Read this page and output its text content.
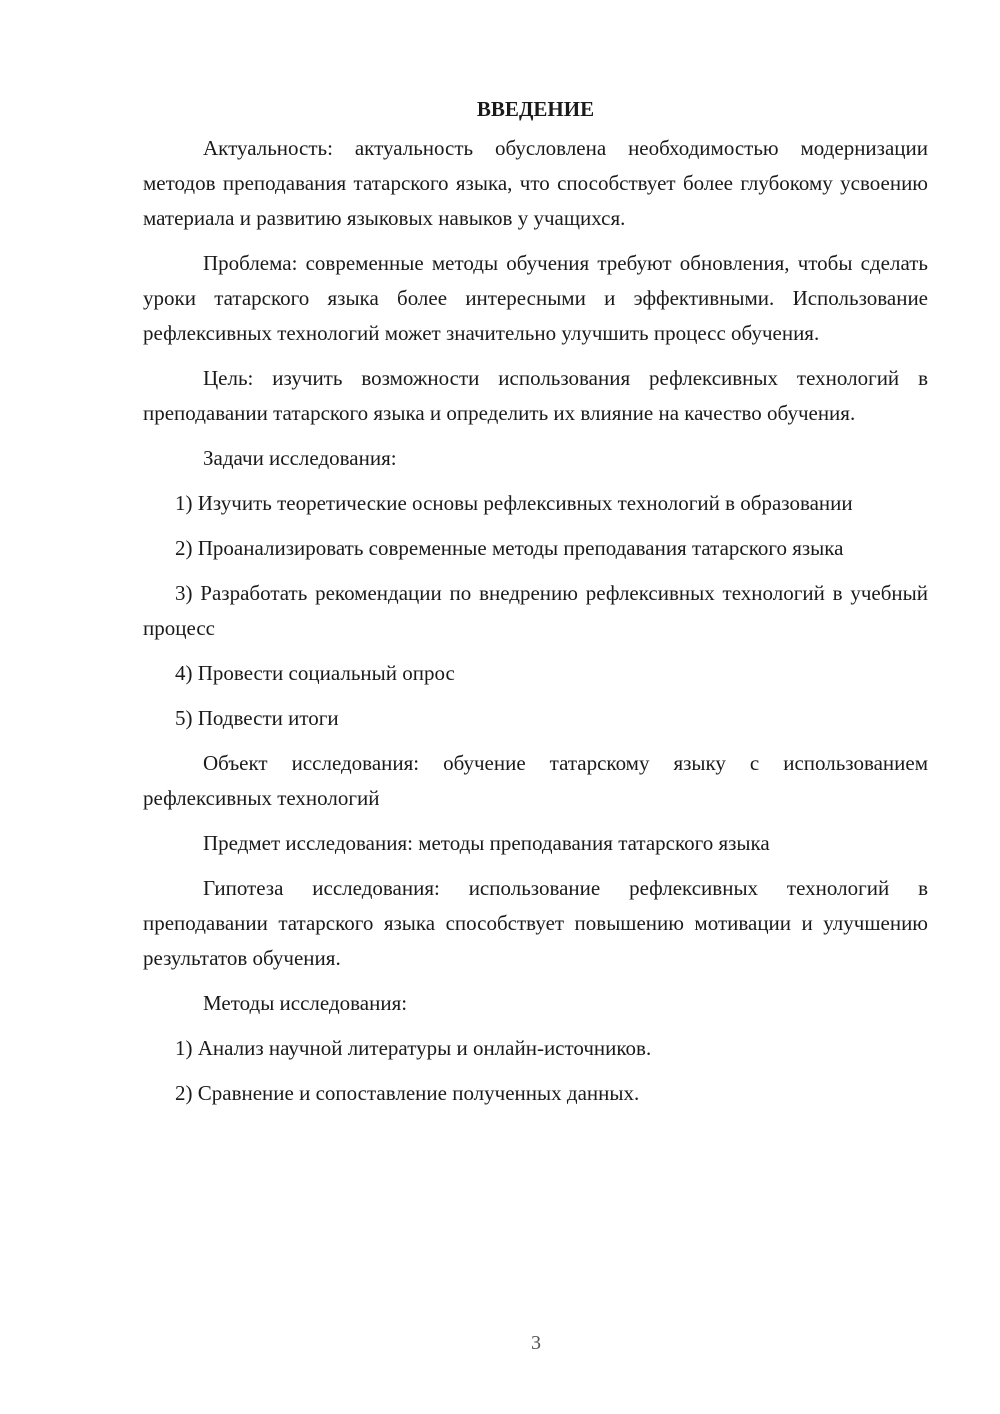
ВВЕДЕНИЕ

Актуальность: актуальность обусловлена необходимостью модернизации методов преподавания татарского языка, что способствует более глубокому усвоению материала и развитию языковых навыков у учащихся.

Проблема: современные методы обучения требуют обновления, чтобы сделать уроки татарского языка более интересными и эффективными. Использование рефлексивных технологий может значительно улучшить процесс обучения.

Цель: изучить возможности использования рефлексивных технологий в преподавании татарского языка и определить их влияние на качество обучения.

Задачи исследования:

1) Изучить теоретические основы рефлексивных технологий в образовании

2) Проанализировать современные методы преподавания татарского языка

3) Разработать рекомендации по внедрению рефлексивных технологий в учебный процесс

4) Провести социальный опрос

5) Подвести итоги

Объект исследования: обучение татарскому языку с использованием рефлексивных технологий

Предмет исследования: методы преподавания татарского языка

Гипотеза исследования: использование рефлексивных технологий в преподавании татарского языка способствует повышению мотивации и улучшению результатов обучения.

Методы исследования:

1) Анализ научной литературы и онлайн-источников.

2) Сравнение и сопоставление полученных данных.

3
